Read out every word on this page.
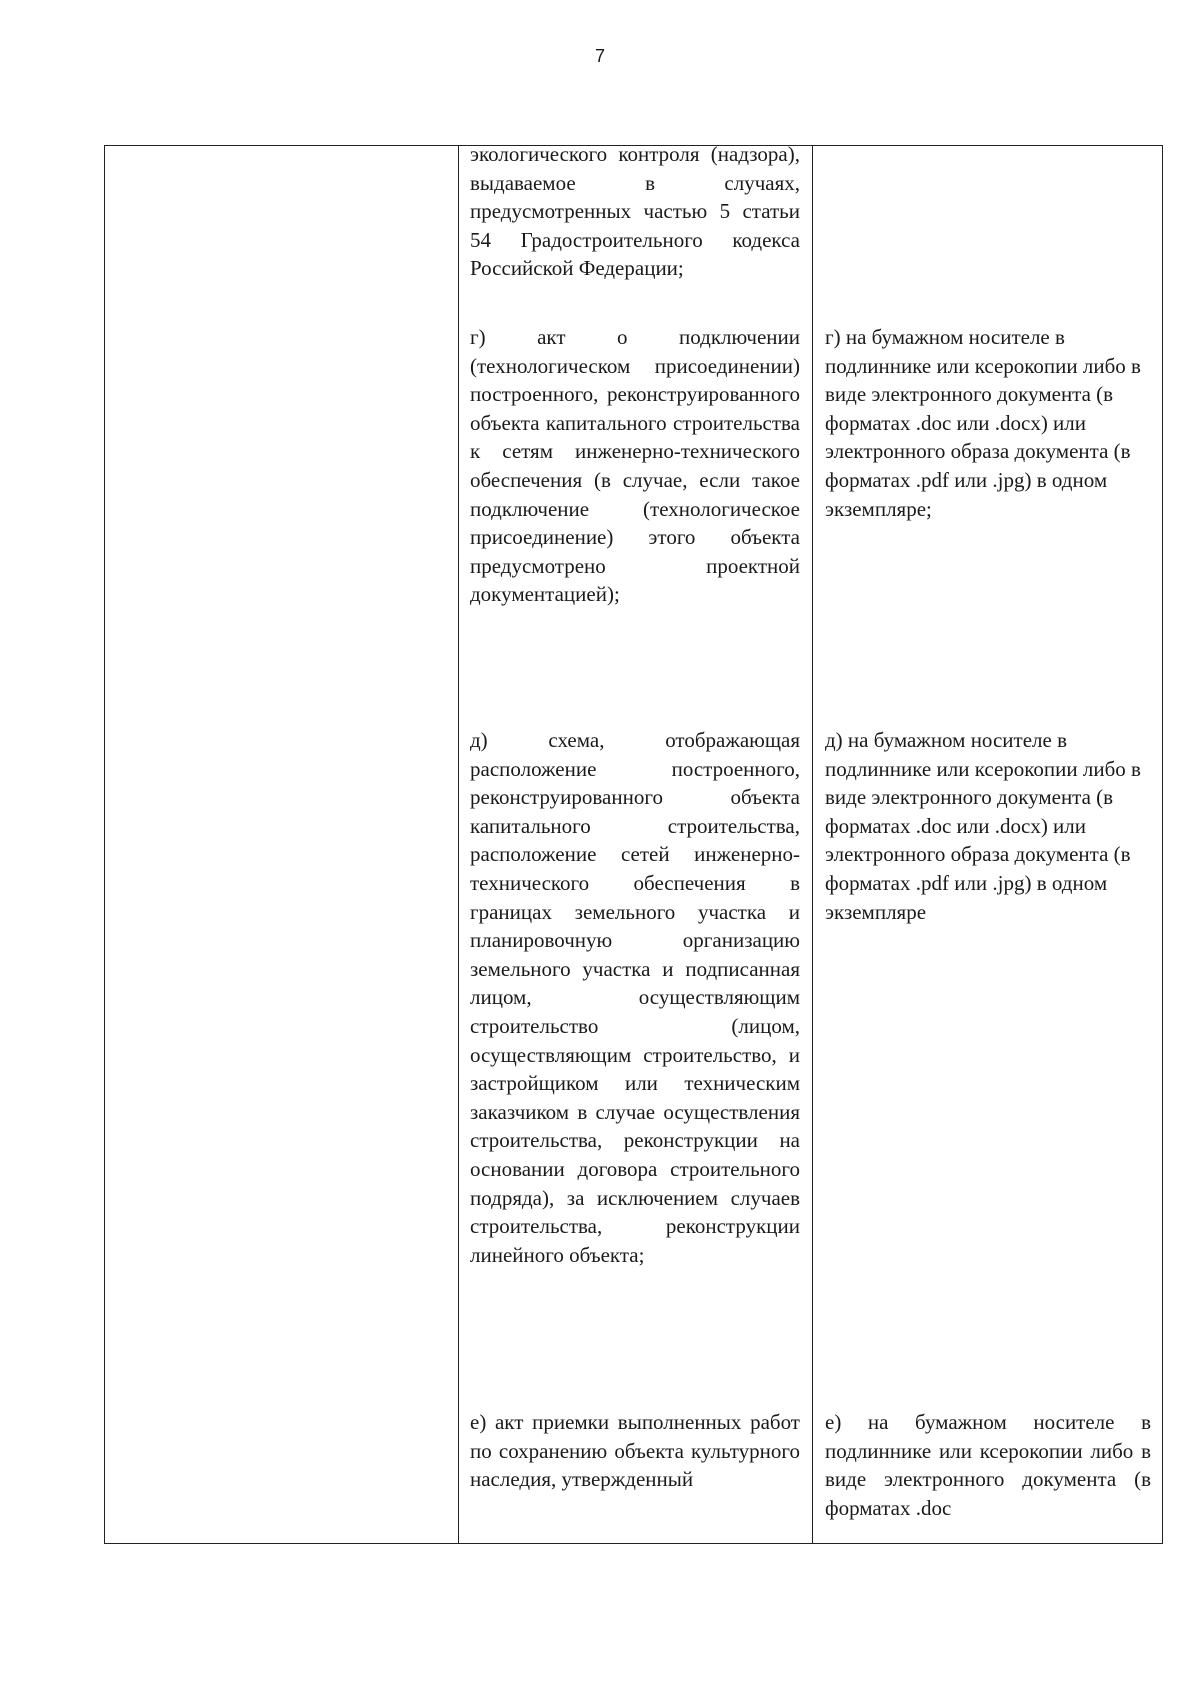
7

экологического контроля (надзора), выдаваемое в случаях, предусмотренных частью 5 статьи 54 Градостроительного кодекса Российской Федерации;

г) акт о подключении (технологическом присоединении) построенного, реконструированного объекта капитального строительства к сетям инженерно-технического обеспечения (в случае, если такое подключение (технологическое присоединение) этого объекта предусмотрено проектной документацией);

г) на бумажном носителе в подлиннике или ксерокопии либо в виде электронного документа (в форматах .doc или .docx) или электронного образа документа (в форматах .pdf или .jpg) в одном экземпляре;

д) схема, отображающая расположение построенного, реконструированного объекта капитального строительства, расположение сетей инженерно-технического обеспечения в границах земельного участка и планировочную организацию земельного участка и подписанная лицом, осуществляющим строительство (лицом, осуществляющим строительство, и застройщиком или техническим заказчиком в случае осуществления строительства, реконструкции на основании договора строительного подряда), за исключением случаев строительства, реконструкции линейного объекта;

д) на бумажном носителе в подлиннике или ксерокопии либо в виде электронного документа (в форматах .doc или .docx) или электронного образа документа (в форматах .pdf или .jpg) в одном экземпляре

е) акт приемки выполненных работ по сохранению объекта культурного наследия, утвержденный

е) на бумажном носителе в подлиннике или ксерокопии либо в виде электронного документа (в форматах .doc
